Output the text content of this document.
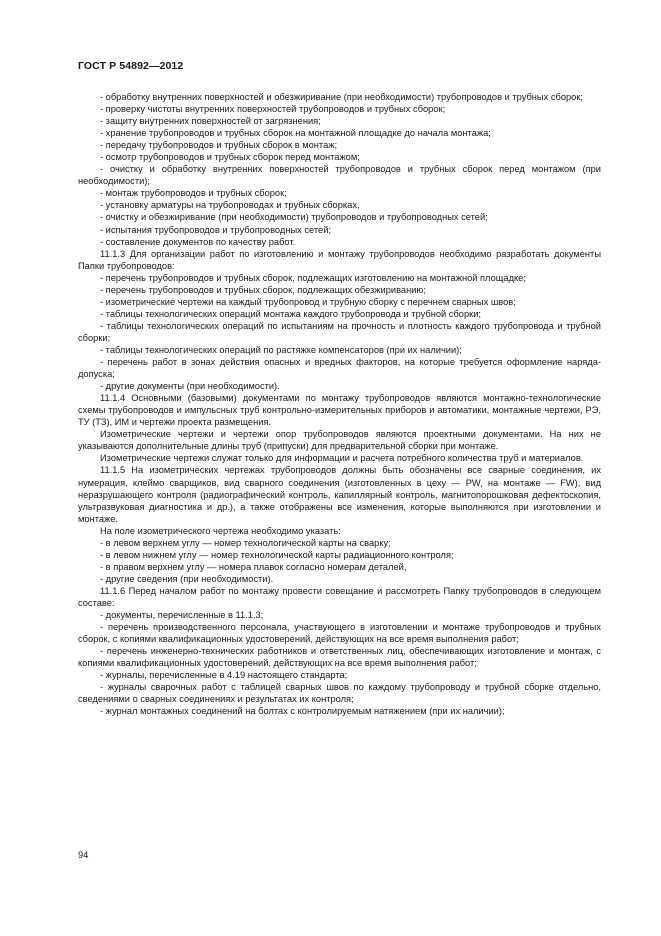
ГОСТ Р 54892—2012

- обработку внутренних поверхностей и обезжиривание (при необходимости) трубопроводов и трубных сборок;

- проверку чистоты внутренних поверхностей трубопроводов и трубных сборок;

- защиту внутренних поверхностей от загрязнения;

- хранение трубопроводов и трубных сборок на монтажной площадке до начала монтажа;

- передачу трубопроводов и трубных сборок в монтаж;

- осмотр трубопроводов и трубных сборок перед монтажом;

- очистку и обработку внутренних поверхностей трубопроводов и трубных сборок перед монтажом (при необходимости);

- монтаж трубопроводов и трубных сборок;

- установку арматуры на трубопроводах и трубных сборках,

- очистку и обезжиривание (при необходимости) трубопроводов и трубопроводных сетей;

- испытания трубопроводов и трубопроводных сетей;

- составление документов по качеству работ.

11.1.3 Для организации работ по изготовлению и монтажу трубопроводов необходимо разработать документы Папки трубопроводов:

- перечень трубопроводов и трубных сборок, подлежащих изготовлению на монтажной площадке;

- перечень трубопроводов и трубных сборок, подлежащих обезжириванию;

- изометрические чертежи на каждый трубопровод и трубную сборку с перечнем сварных швов;

- таблицы технологических операций монтажа каждого трубопровода и трубной сборки;

- таблицы технологических операций по испытаниям на прочность и плотность каждого трубопровода и трубной сборки;

- таблицы технологических операций по растяжке компенсаторов (при их наличии);

- перечень работ в зонах действия опасных и вредных факторов, на которые требуется оформление наряда-допуска;

- другие документы (при необходимости).

11.1.4 Основными (базовыми) документами по монтажу трубопроводов являются монтажно-технологические схемы трубопроводов и импульсных труб контрольно-измерительных приборов и автоматики, монтажные чертежи, РЭ, ТУ (ТЗ), ИМ и чертежи проекта размещения.

Изометрические чертежи и чертежи опор трубопроводов являются проектными документами. На них не указываются дополнительные длины труб (припуски) для предварительной сборки при монтаже.

Изометрические чертежи служат только для информации и расчета потребного количества труб и материалов.

11.1.5 На изометрических чертежах трубопроводов должны быть обозначены все сварные соединения, их нумерация, клеймо сварщиков, вид сварного соединения (изготовленных в цеху — PW, на монтаже — FW), вид неразрушающего контроля (радиографический контроль, капиллярный контроль, магнитопорошковая дефектоскопия, ультразвуковая диагностика и др.), а также отображены все изменения, которые выполняются при изготовлении и монтаже.

На поле изометрического чертежа необходимо указать:

- в левом верхнем углу — номер технологической карты на сварку;

- в левом нижнем углу — номер технологической карты радиационного контроля;

- в правом верхнем углу — номера плавок согласно номерам деталей,

- другие сведения (при необходимости).

11.1.6 Перед началом работ по монтажу провести совещание и рассмотреть Папку трубопроводов в следующем составе:

- документы, перечисленные в 11.1.3;

- перечень производственного персонала, участвующего в изготовлении и монтаже трубопроводов и трубных сборок, с копиями квалификационных удостоверений, действующих на все время выполнения работ;

- перечень инженерно-технических работников и ответственных лиц, обеспечивающих изготовление и монтаж, с копиями квалификационных удостоверений, действующих на все время выполнения работ;

- журналы, перечисленные в 4.19 настоящего стандарта;

- журналы сварочных работ с таблицей сварных швов по каждому трубопроводу и трубной сборке отдельно, сведениями о сварных соединениях и результатах их контроля;

- журнал монтажных соединений на болтах с контролируемым натяжением (при их наличии);

94
